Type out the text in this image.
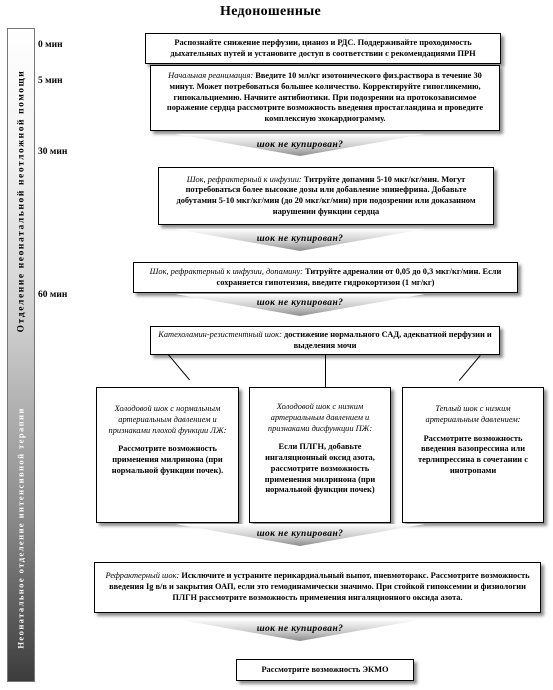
Недоношенные
Отделение неонатальной неотложной помощи
Неонатальное отделение интенсивной терапии
0 мин
5 мин
30 мин
60 мин
Распознайте снижение перфузии, цианоз и РДС. Поддерживайте проходимость дыхательных путей и установите доступ в соответствии с рекомендациями ПРН
Начальная реанимация: Введите 10 мл/кг изотонического физ.раствора в течение 30 минут. Может потребоваться большее количество. Корректируйте гипогликемию, гипокальциемию. Начните антибиотики. При подозрении на протокозависимое поражение сердца рассмотрите возможность введения простагландина и проведите комплексную эхокардиограмму.
шок не купирован?
Шок, рефрактерный к инфузии: Титруйте допамин 5-10 мкг/кг/мин. Могут потребоваться более высокие дозы или добавление эпинефрина. Добавьте добутамин 5-10 мкг/кг/мин (до 20 мкг/кг/мин) при подозрении или доказанном нарушении функции сердца
шок не купирован?
Шок, рефрактерный к инфузии, допамину: Титруйте адреналин от 0,05 до 0,3 мкг/кг/мин. Если сохраняется гипотензия, введите гидрокортизон (1 мг/кг)
шок не купирован?
Катехоламин-резистентный шок: достижение нормального САД, адекватной перфузии и выделения мочи

Холодовой шок с нормальным артериальным давлением и признаками плохой функции ЛЖ:

Рассмотрите возможность применения милринона (при нормальной функции почек).

Холодовой шок с низким артериальным давлением и признаками дисфункции ПЖ:

Если ПЛГН, добавьте ингаляционный оксид азота, рассмотрите возможность применения милринона (при нормальной функции почек)

Теплый шок с низким артериальным давлением:

Рассмотрите возможность введения вазопрессина или терлипрессина в сочетании с инотропами

шок не купирован?
Рефрактерный шок: Исключите и устраните перикардиальный выпот, пневмоторакс. Рассмотрите возможность введения Ig в/в и закрытия ОАП, если это гемодинамически значимо. При стойкой гипоксемии и физиологии ПЛГН рассмотрите возможность применения ингаляционного оксида азота.
шок не купирован?
Рассмотрите возможность ЭКМО
